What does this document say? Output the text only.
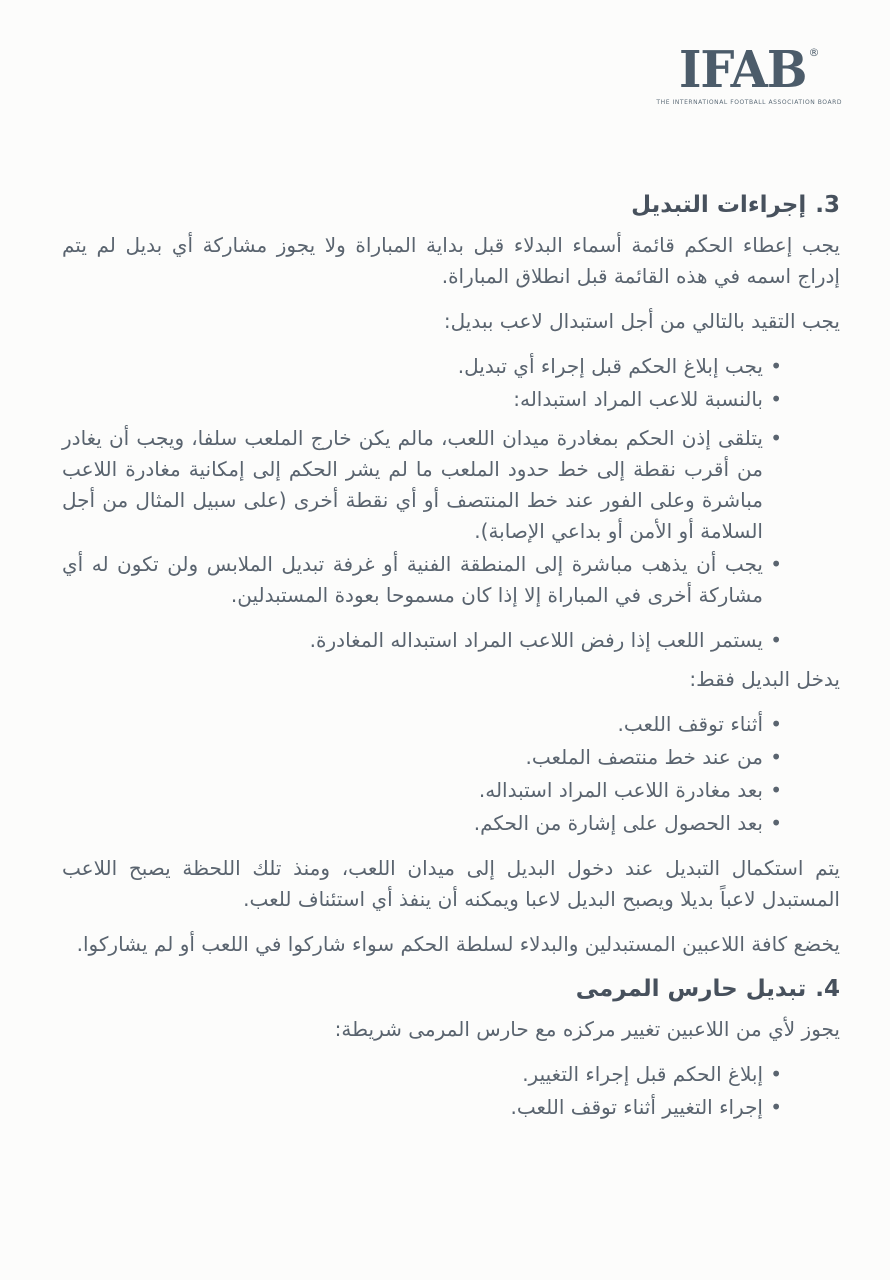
IFAB ®
THE INTERNATIONAL FOOTBALL ASSOCIATION BOARD
3.إجراءات التبديل

يجب إعطاء الحكم قائمة أسماء البدلاء قبل بداية المباراة ولا يجوز مشاركة أي بديل لم يتم إدراج اسمه في هذه القائمة قبل انطلاق المباراة.

يجب التقيد بالتالي من أجل استبدال لاعب ببديل:

• يجب إبلاغ الحكم قبل إجراء أي تبديل.
• بالنسبة للاعب المراد استبداله:
• يتلقى إذن الحكم بمغادرة ميدان اللعب، مالم يكن خارج الملعب سلفا، ويجب أن يغادر من أقرب نقطة إلى خط حدود الملعب ما لم يشر الحكم إلى إمكانية مغادرة اللاعب مباشرة وعلى الفور عند خط المنتصف أو أي نقطة أخرى (على سبيل المثال من أجل السلامة أو الأمن أو بداعي الإصابة).
• يجب أن يذهب مباشرة إلى المنطقة الفنية أو غرفة تبديل الملابس ولن تكون له أي مشاركة أخرى في المباراة إلا إذا كان مسموحا بعودة المستبدلين.
• يستمر اللعب إذا رفض اللاعب المراد استبداله المغادرة.

يدخل البديل فقط:

• أثناء توقف اللعب.
• من عند خط منتصف الملعب.
• بعد مغادرة اللاعب المراد استبداله.
• بعد الحصول على إشارة من الحكم.

يتم استكمال التبديل عند دخول البديل إلى ميدان اللعب، ومنذ تلك اللحظة يصبح اللاعب المستبدل لاعباً بديلا ويصبح البديل لاعبا ويمكنه أن ينفذ أي استئناف للعب.

يخضع كافة اللاعبين المستبدلين والبدلاء لسلطة الحكم سواء شاركوا في اللعب أو لم يشاركوا.

4.تبديل حارس المرمى

يجوز لأي من اللاعبين تغيير مركزه مع حارس المرمى شريطة:

• إبلاغ الحكم قبل إجراء التغيير.
• إجراء التغيير أثناء توقف اللعب.
